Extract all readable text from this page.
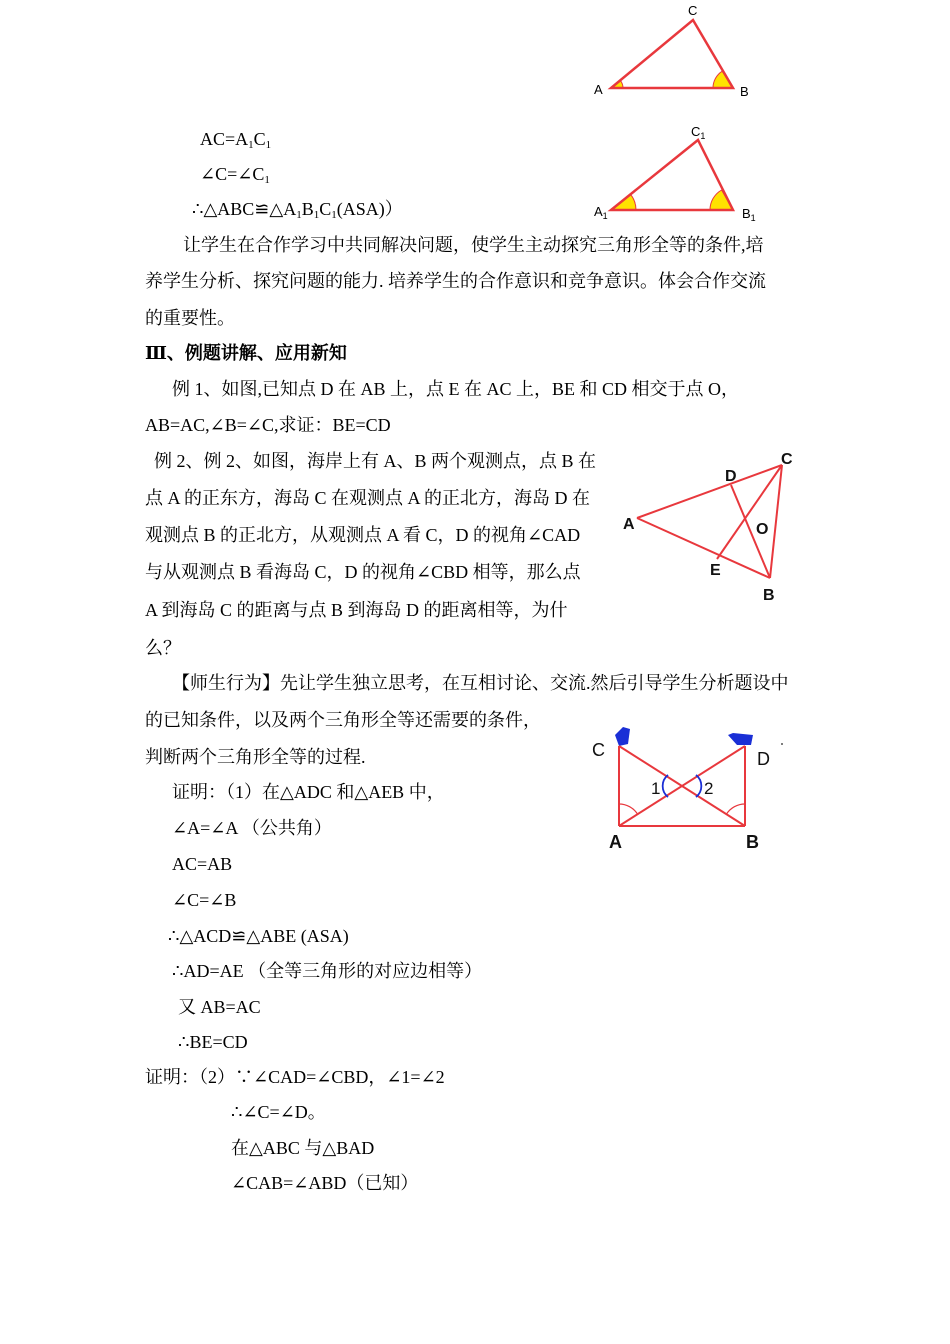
C
A	B
$C_1$
$A_1$	$B_1$
$AC=A_1C_1$
$\angle C=\angle C_1$
$\therefore\triangle ABC≌\triangle A_1B_1C_1(ASA)$）
让学生在合作学习中共同解决问题，使学生主动探究三角形全等的条件,培
养学生分析、探究问题的能力. 培养学生的合作意识和竞争意识。体会合作交流
的重要性。
Ⅲ、例题讲解、应用新知
例 1、如图,已知点 D 在 AB 上，点 E 在 AC 上，BE 和 CD 相交于点 O，
AB=AC,∠B=∠C,求证：BE=CD
例 2、例 2、如图，海岸上有 A、B 两个观测点，点 B 在
点 A 的正东方，海岛 C 在观测点 A 的正北方，海岛 D 在
观测点 B 的正北方，从观测点 A 看 C，D 的视角∠CAD
与从观测点 B 看海岛 C，D 的视角∠CBD 相等，那么点
A 到海岛 C 的距离与点 B 到海岛 D 的距离相等，为什
么？
C
D
A	O
E
B
【师生行为】先让学生独立思考，在互相讨论、交流.然后引导学生分析题设中
的已知条件，以及两个三角形全等还需要的条件，
判断两个三角形全等的过程.
1	2
C	D
A	B
证明：（1）在△ADC 和△AEB 中，
∠A=∠A （公共角）
AC=AB
∠C=∠B
∴△ACD≌△ABE (ASA)
∴AD=AE （全等三角形的对应边相等）
又 AB=AC
∴BE=CD
证明：（2）∵∠CAD=∠CBD，∠1=∠2
∴∠C=∠D。
在△ABC 与△BAD
∠CAB=∠ABD（已知）
